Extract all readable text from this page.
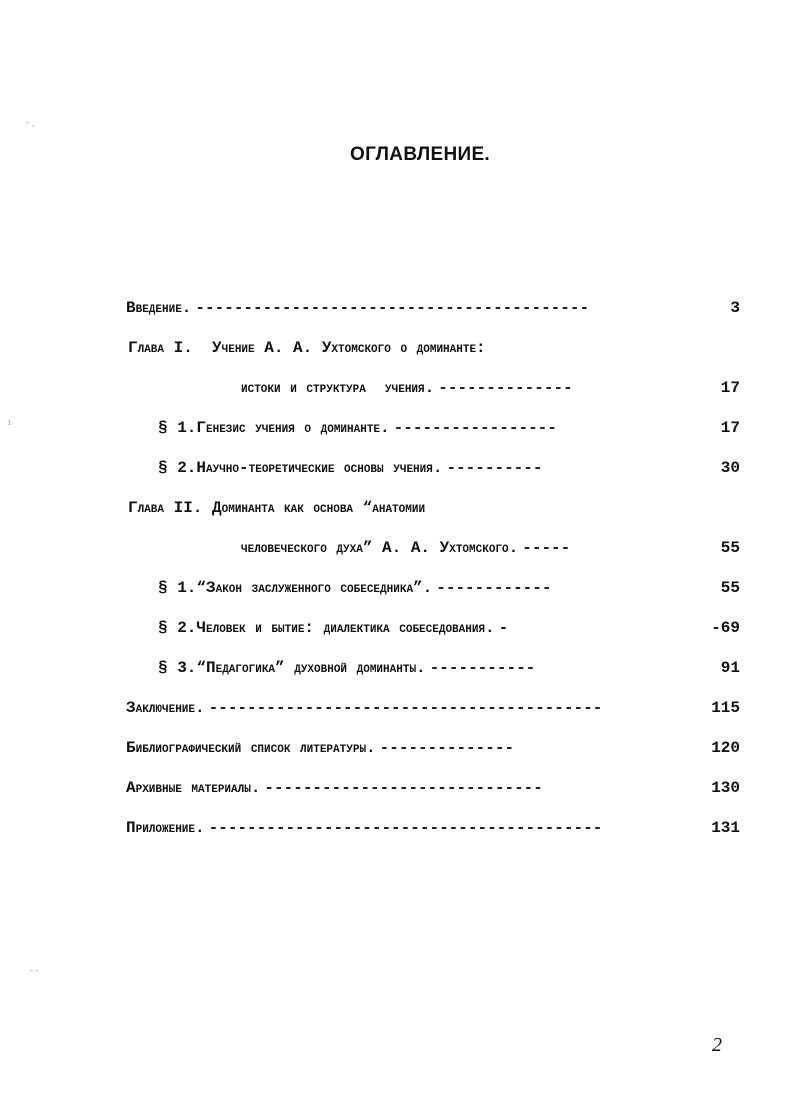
ОГЛАВЛЕНИЕ.
Введение. -----------------------------------------	3
Глава I.  Учение А. А. Ухтомского о доминанте:
истоки и структура  учения. --------------	17
§ 1.Генезис учения о доминанте. -----------------	17
§ 2.Научно-теоретические основы учения. ----------	30
Глава II. Доминанта как основа “анатомии
человеческого духа” А. А. Ухтомского. -----	55
§ 1.“Закон заслуженного собеседника”. ------------	55
§ 2.Человек и бытие: диалектика собеседования. -	-69
§ 3.“Педагогика” духовной доминанты. -----------	91
Заключение. -----------------------------------------	115
Библиографический список литературы. --------------	120
Архивные материалы. -----------------------------	130
Приложение. -----------------------------------------	131
‐ ˎ
⁞
- -
2
